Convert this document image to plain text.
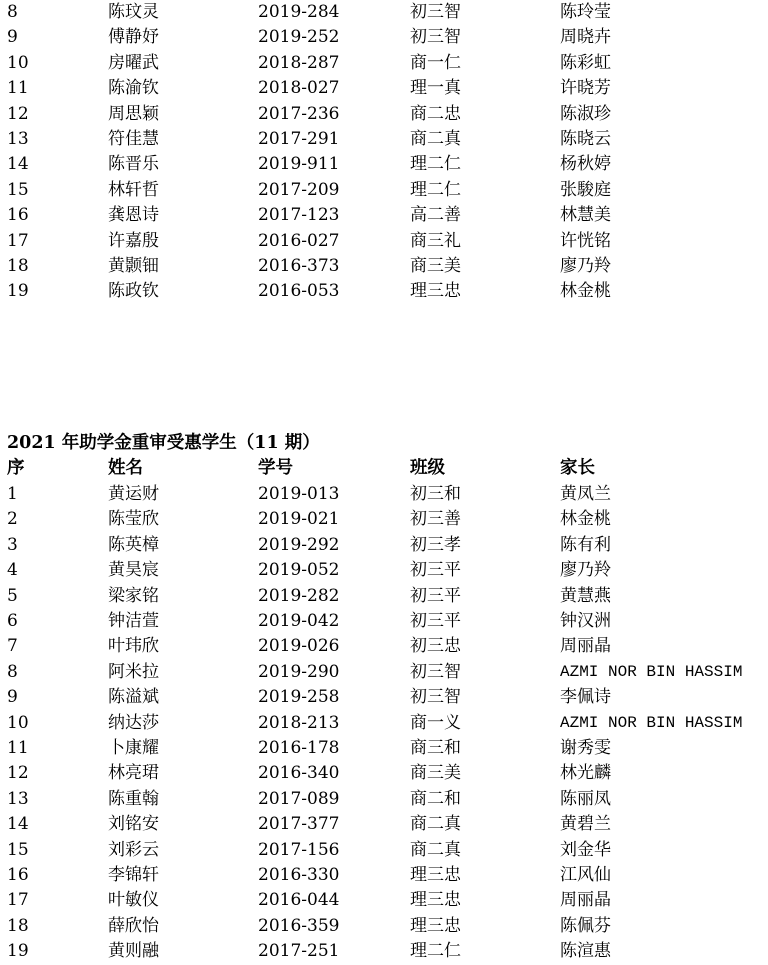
8	陈玟灵	2019-284	初三智	陈玲莹
9	傅静妤	2019-252	初三智	周晓卉
10	房曜武	2018-287	商一仁	陈彩虹
11	陈渝钦	2018-027	理一真	许晓芳
12	周思颖	2017-236	商二忠	陈淑珍
13	符佳慧	2017-291	商二真	陈晓云
14	陈晋乐	2019-911	理二仁	杨秋婷
15	林轩哲	2017-209	理二仁	张駿庭
16	龚恩诗	2017-123	高二善	林慧美
17	许嘉殷	2016-027	商三礼	许恍铭
18	黄颢钿	2016-373	商三美	廖乃羚
19	陈政钦	2016-053	理三忠	林金桃
2021 年助学金重审受惠学生（11 期）
序	姓名	学号	班级	家长
1	黄运财	2019-013	初三和	黄凤兰
2	陈莹欣	2019-021	初三善	林金桃
3	陈英樟	2019-292	初三孝	陈有利
4	黄昊宸	2019-052	初三平	廖乃羚
5	梁家铭	2019-282	初三平	黄慧燕
6	钟洁萱	2019-042	初三平	钟汉洲
7	叶玮欣	2019-026	初三忠	周丽晶
8	阿米拉	2019-290	初三智	AZMI NOR BIN HASSIM
9	陈溢斌	2019-258	初三智	李佩诗
10	纳达莎	2018-213	商一义	AZMI NOR BIN HASSIM
11	卜康耀	2016-178	商三和	谢秀雯
12	林亮珺	2016-340	商三美	林光麟
13	陈重翰	2017-089	商二和	陈丽凤
14	刘铭安	2017-377	商二真	黄碧兰
15	刘彩云	2017-156	商二真	刘金华
16	李锦轩	2016-330	理三忠	江风仙
17	叶敏仪	2016-044	理三忠	周丽晶
18	薛欣怡	2016-359	理三忠	陈佩芬
19	黄则融	2017-251	理二仁	陈渲惠
